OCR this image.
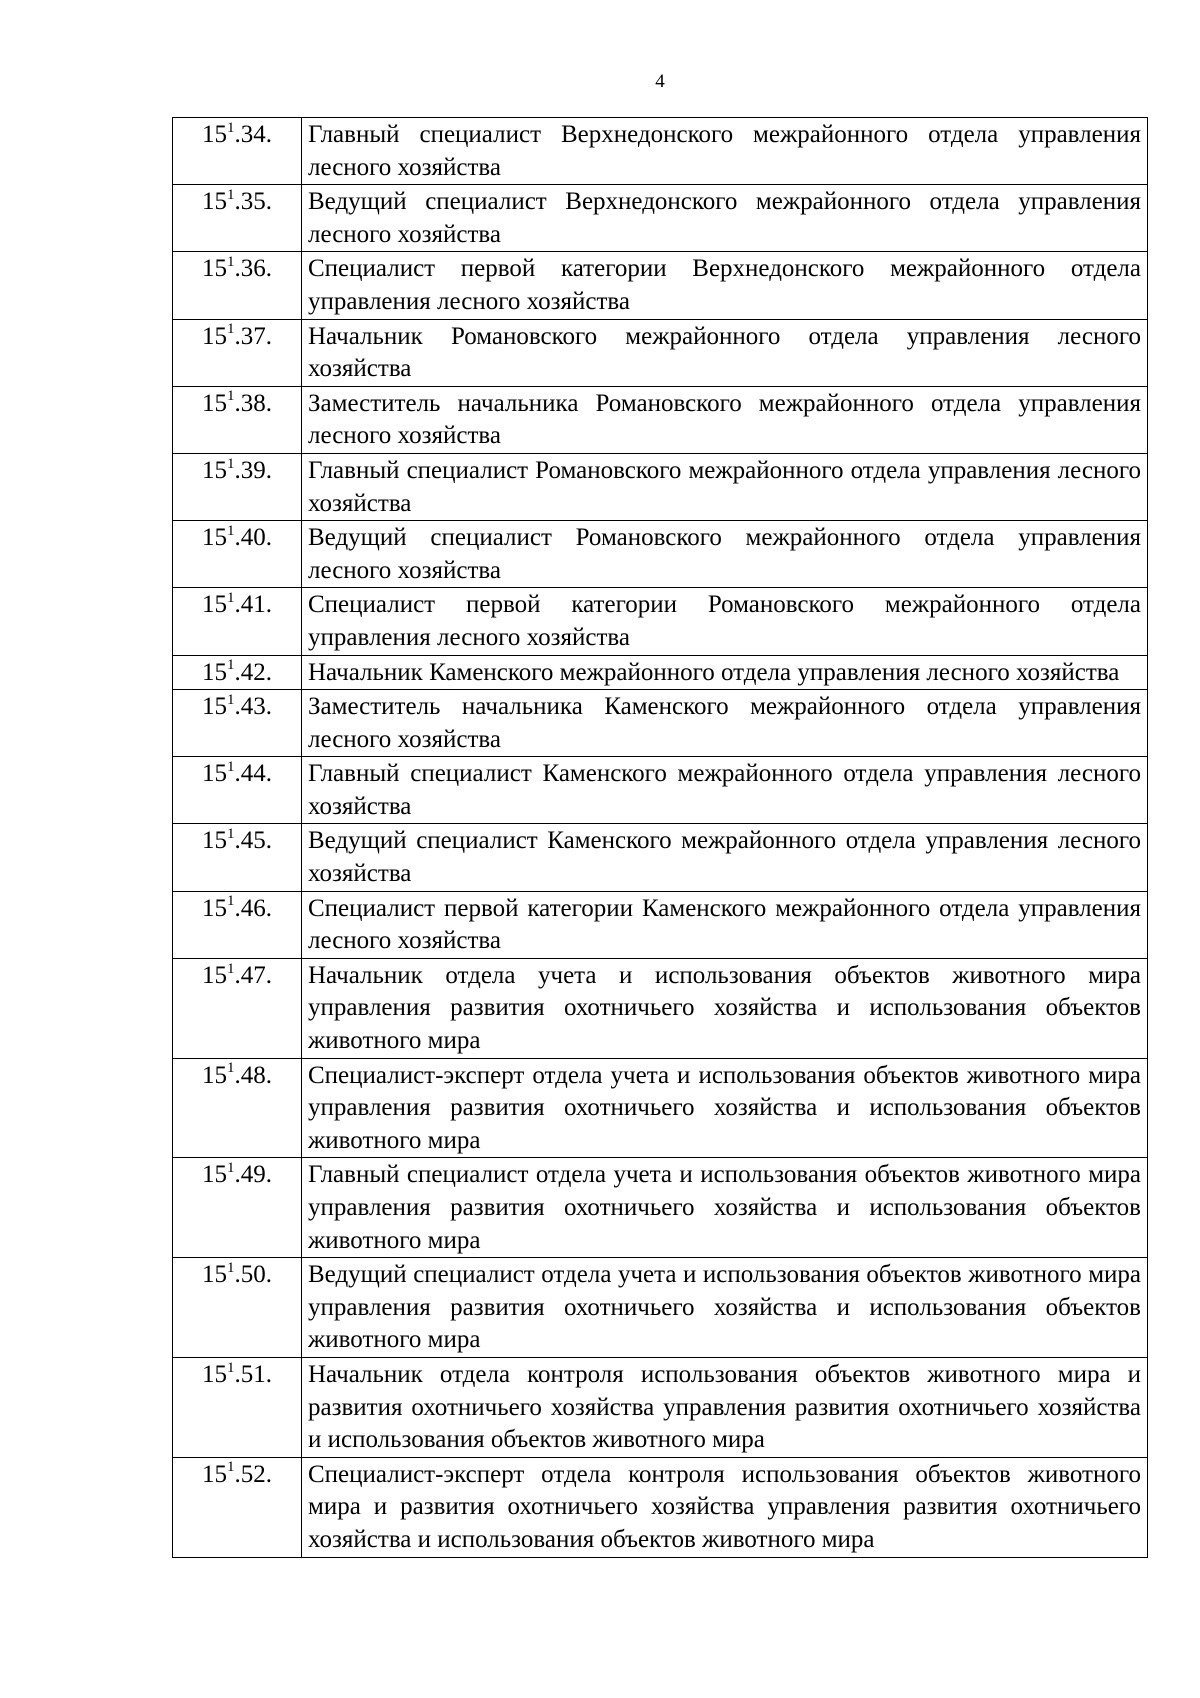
4
$15^1.34$.	Главный специалист Верхнедонского межрайонного отдела управления лесного хозяйства
$15^1.35$.	Ведущий специалист Верхнедонского межрайонного отдела управления лесного хозяйства
$15^1.36$.	Специалист первой категории Верхнедонского межрайонного отдела управления лесного хозяйства
$15^1.37$.	Начальник Романовского межрайонного отдела управления лесного хозяйства
$15^1.38$.	Заместитель начальника Романовского межрайонного отдела управления лесного хозяйства
$15^1.39$.	Главный специалист Романовского межрайонного отдела управления лесного хозяйства
$15^1.40$.	Ведущий специалист Романовского межрайонного отдела управления лесного хозяйства
$15^1.41$.	Специалист первой категории Романовского межрайонного отдела управления лесного хозяйства
$15^1.42$.	Начальник Каменского межрайонного отдела управления лесного хозяйства
$15^1.43$.	Заместитель начальника Каменского межрайонного отдела управления лесного хозяйства
$15^1.44$.	Главный специалист Каменского межрайонного отдела управления лесного хозяйства
$15^1.45$.	Ведущий специалист Каменского межрайонного отдела управления лесного хозяйства
$15^1.46$.	Специалист первой категории Каменского межрайонного отдела управления лесного хозяйства
$15^1.47$.	Начальник отдела учета и использования объектов животного мира управления развития охотничьего хозяйства и использования объектов животного мира
$15^1.48$.	Специалист-эксперт отдела учета и использования объектов животного мира управления развития охотничьего хозяйства и использования объектов животного мира
$15^1.49$.	Главный специалист отдела учета и использования объектов животного мира управления развития охотничьего хозяйства и использования объектов животного мира
$15^1.50$.	Ведущий специалист отдела учета и использования объектов животного мира управления развития охотничьего хозяйства и использования объектов животного мира
$15^1.51$.	Начальник отдела контроля использования объектов животного мира и развития охотничьего хозяйства управления развития охотничьего хозяйства и использования объектов животного мира
$15^1.52$.	Специалист-эксперт отдела контроля использования объектов животного мира и развития охотничьего хозяйства управления развития охотничьего хозяйства и использования объектов животного мира
